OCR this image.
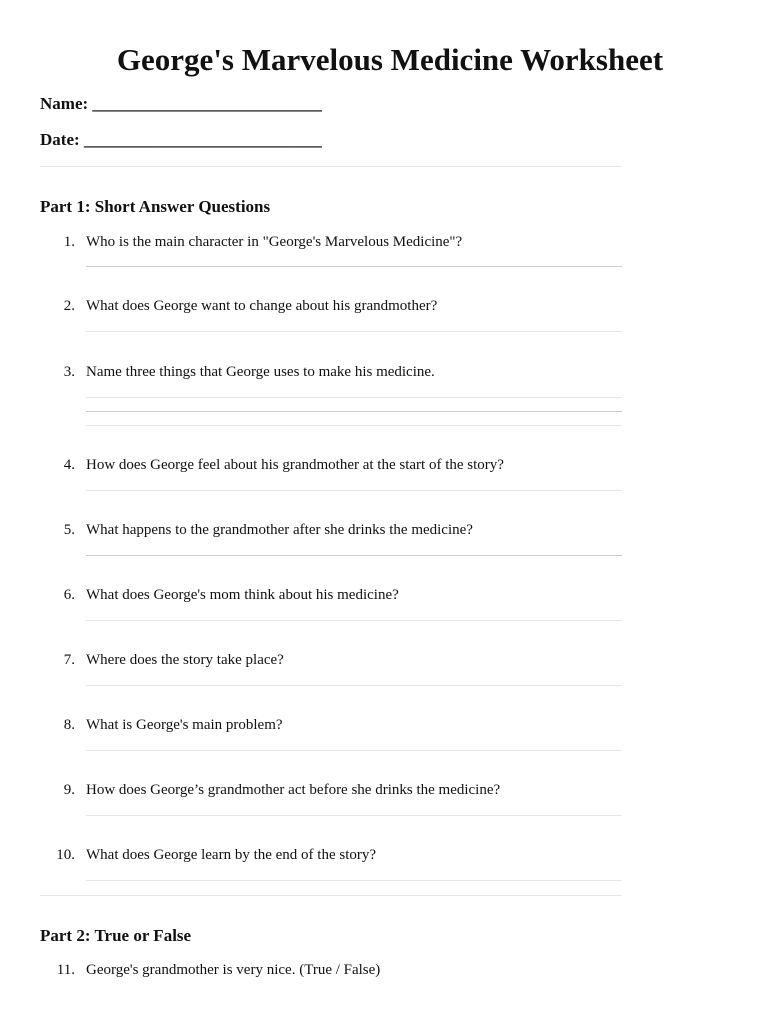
George's Marvelous Medicine Worksheet
Name: ___________________________
Date: ____________________________
Part 1: Short Answer Questions
1. Who is the main character in "George's Marvelous Medicine"?
2. What does George want to change about his grandmother?
3. Name three things that George uses to make his medicine.
4. How does George feel about his grandmother at the start of the story?
5. What happens to the grandmother after she drinks the medicine?
6. What does George's mom think about his medicine?
7. Where does the story take place?
8. What is George's main problem?
9. How does George’s grandmother act before she drinks the medicine?
10. What does George learn by the end of the story?
Part 2: True or False
11. George's grandmother is very nice. (True / False)
